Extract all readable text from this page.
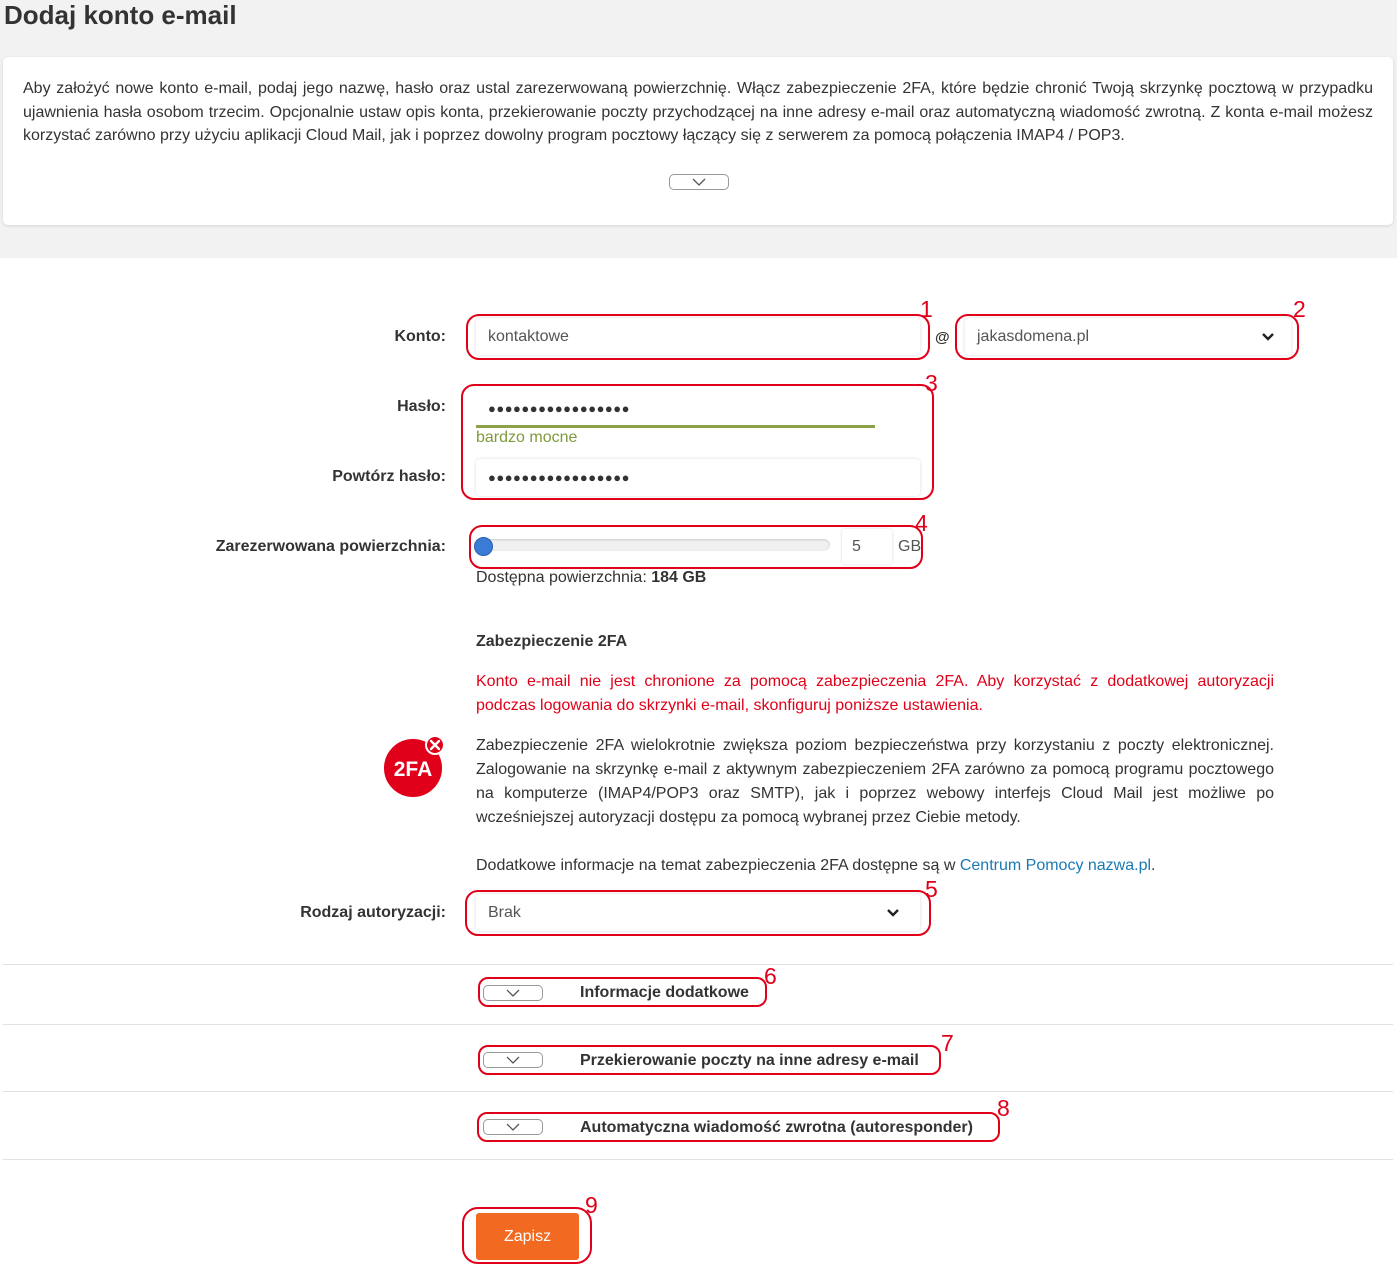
Dodaj konto e-mail

Aby założyć nowe konto e-mail, podaj jego nazwę, hasło oraz ustal zarezerwowaną powierzchnię. Włącz zabezpieczenie 2FA, które będzie chronić Twoją skrzynkę pocztową w przypadku ujawnienia hasła osobom trzecim. Opcjonalnie ustaw opis konta, przekierowanie poczty przychodzącej na inne adresy e-mail oraz automatyczną wiadomość zwrotną. Z konta e-mail możesz korzystać zarówno przy użyciu aplikacji Cloud Mail, jak i poprzez dowolny program pocztowy łączący się z serwerem za pomocą połączenia IMAP4 / POP3.

Konto:	kontaktowe	@ jakasdomena.pl
Hasło:	●●●●●●●●●●●●●●●●●
bardzo mocne
Powtórz hasło:	●●●●●●●●●●●●●●●●●
Zarezerwowana powierzchnia:	5 GB
Dostępna powierzchnia: 184 GB
Zabezpieczenie 2FA

Konto e-mail nie jest chronione za pomocą zabezpieczenia 2FA. Aby korzystać z dodatkowej autoryzacji podczas logowania do skrzynki e-mail, skonfiguruj poniższe ustawienia.

2FA

Zabezpieczenie 2FA wielokrotnie zwiększa poziom bezpieczeństwa przy korzystaniu z poczty elektronicznej. Zalogowanie na skrzynkę e-mail z aktywnym zabezpieczeniem 2FA zarówno za pomocą programu pocztowego na komputerze (IMAP4/POP3 oraz SMTP), jak i poprzez webowy interfejs Cloud Mail jest możliwe po wcześniejszej autoryzacji dostępu za pomocą wybranej przez Ciebie metody.

Dodatkowe informacje na temat zabezpieczenia 2FA dostępne są w Centrum Pomocy nazwa.pl.
Rodzaj autoryzacji:	Brak
Informacje dodatkowe
Przekierowanie poczty na inne adresy e-mail
Automatyczna wiadomość zwrotna (autoresponder)
Zapisz
1	2
3
4
5
6
7
8
9
